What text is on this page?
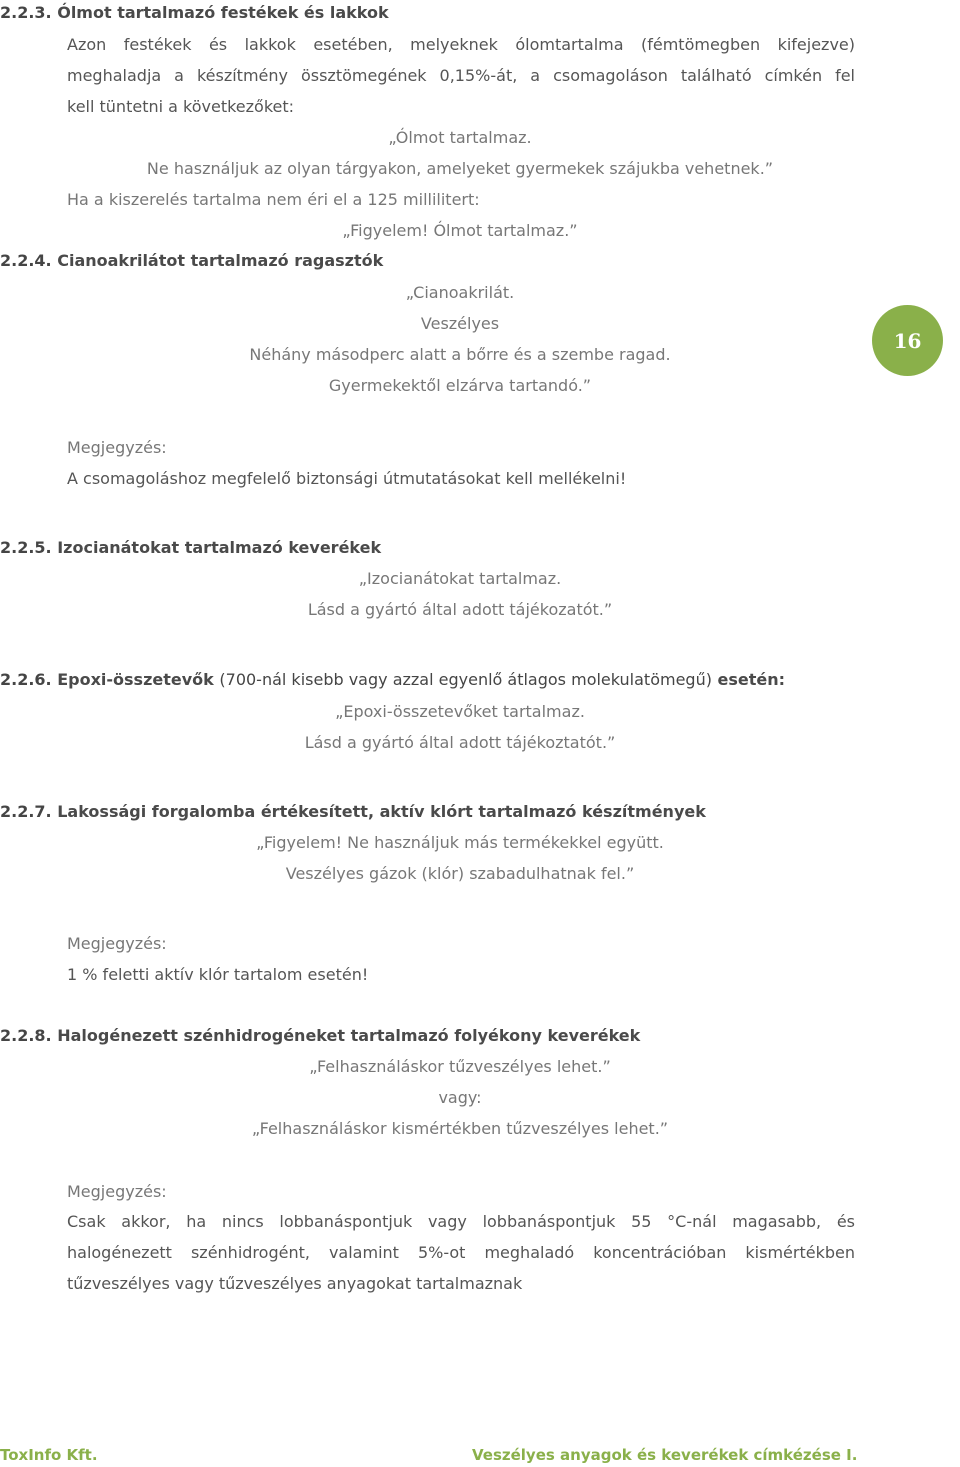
2.2.3. Ólmot tartalmazó festékek és lakkok
Azon festékek és lakkok esetében, melyeknek ólomtartalma (fémtömegben kifejezve)
meghaladja a készítmény össztömegének 0,15%-át, a csomagoláson található címkén fel
kell tüntetni a következőket:
„Ólmot tartalmaz.
Ne használjuk az olyan tárgyakon, amelyeket gyermekek szájukba vehetnek.”
Ha a kiszerelés tartalma nem éri el a 125 millilitert:
„Figyelem! Ólmot tartalmaz.”
2.2.4. Cianoakrilátot tartalmazó ragasztók
„Cianoakrilát.
Veszélyes
Néhány másodperc alatt a bőrre és a szembe ragad.
Gyermekektől elzárva tartandó.”
Megjegyzés:
A csomagoláshoz megfelelő biztonsági útmutatásokat kell mellékelni!
16
2.2.5. Izocianátokat tartalmazó keverékek
„Izocianátokat tartalmaz.
Lásd a gyártó által adott tájékozatót.”
2.2.6. Epoxi-összetevők (700-nál kisebb vagy azzal egyenlő átlagos molekulatömegű) esetén:
„Epoxi-összetevőket tartalmaz.
Lásd a gyártó által adott tájékoztatót.”
2.2.7. Lakossági forgalomba értékesített, aktív klórt tartalmazó készítmények
„Figyelem! Ne használjuk más termékekkel együtt.
Veszélyes gázok (klór) szabadulhatnak fel.”
Megjegyzés:
1 % feletti aktív klór tartalom esetén!
2.2.8. Halogénezett szénhidrogéneket tartalmazó folyékony keverékek
„Felhasználáskor tűzveszélyes lehet.”
vagy:
„Felhasználáskor kismértékben tűzveszélyes lehet.”
Megjegyzés:
Csak akkor, ha nincs lobbanáspontjuk vagy lobbanáspontjuk 55 °C-nál magasabb, és
halogénezett szénhidrogént, valamint 5%-ot meghaladó koncentrációban kismértékben
tűzveszélyes vagy tűzveszélyes anyagokat tartalmaznak
ToxInfo Kft.	Veszélyes anyagok és keverékek címkézése I.
